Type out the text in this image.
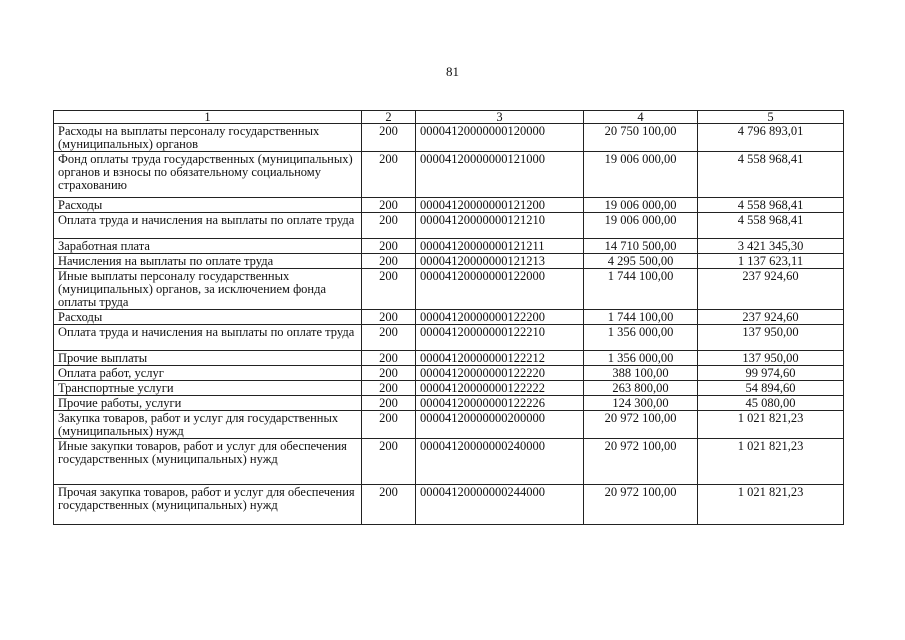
81
1	2	3	4	5
Расходы на выплаты персоналу государственных (муниципальных) органов	200	00004120000000120000	20 750 100,00	4 796 893,01
Фонд оплаты труда государственных (муниципальных) органов и взносы по обязательному социальному страхованию	200	00004120000000121000	19 006 000,00	4 558 968,41
Расходы	200	00004120000000121200	19 006 000,00	4 558 968,41
Оплата труда и начисления на выплаты по оплате труда	200	00004120000000121210	19 006 000,00	4 558 968,41
Заработная плата	200	00004120000000121211	14 710 500,00	3 421 345,30
Начисления на выплаты по оплате труда	200	00004120000000121213	4 295 500,00	1 137 623,11
Иные выплаты персоналу государственных (муниципальных) органов, за исключением фонда оплаты труда	200	00004120000000122000	1 744 100,00	237 924,60
Расходы	200	00004120000000122200	1 744 100,00	237 924,60
Оплата труда и начисления на выплаты по оплате труда	200	00004120000000122210	1 356 000,00	137 950,00
Прочие выплаты	200	00004120000000122212	1 356 000,00	137 950,00
Оплата работ, услуг	200	00004120000000122220	388 100,00	99 974,60
Транспортные услуги	200	00004120000000122222	263 800,00	54 894,60
Прочие работы, услуги	200	00004120000000122226	124 300,00	45 080,00
Закупка товаров, работ и услуг для государственных (муниципальных) нужд	200	00004120000000200000	20 972 100,00	1 021 821,23
Иные закупки товаров, работ и услуг для обеспечения государственных (муниципальных) нужд	200	00004120000000240000	20 972 100,00	1 021 821,23
Прочая закупка товаров, работ и услуг для обеспечения государственных (муниципальных) нужд	200	00004120000000244000	20 972 100,00	1 021 821,23
